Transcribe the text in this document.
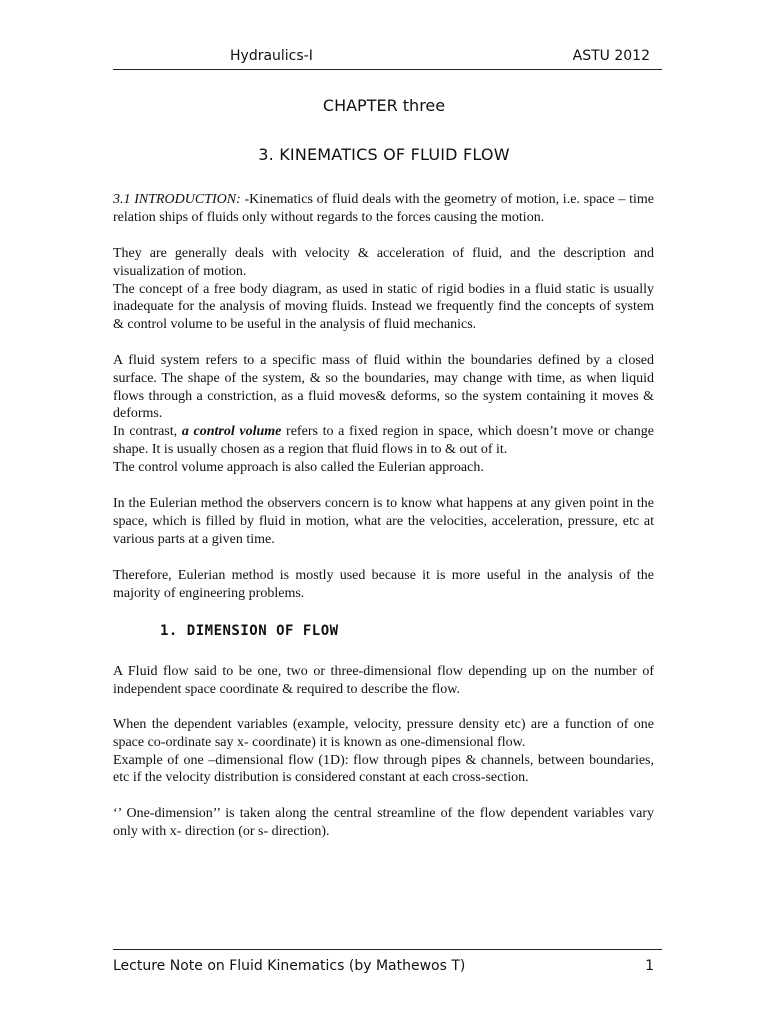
Hydraulics-I	ASTU 2012
CHAPTER three
3. KINEMATICS OF FLUID FLOW

3.1 INTRODUCTION: -Kinematics of fluid deals with the geometry of motion, i.e. space – time relation ships of fluids only without regards to the forces causing the motion.

They are generally deals with velocity & acceleration of fluid, and the description and visualization of motion.

The concept of a free body diagram, as used in static of rigid bodies in a fluid static is usually inadequate for the analysis of moving fluids. Instead we frequently find the concepts of system & control volume to be useful in the analysis of fluid mechanics.

A fluid system refers to a specific mass of fluid within the boundaries defined by a closed surface. The shape of the system, & so the boundaries, may change with time, as when liquid flows through a constriction, as a fluid moves& deforms, so the system containing it moves & deforms.

In contrast, a control volume refers to a fixed region in space, which doesn’t move or change shape. It is usually chosen as a region that fluid flows in to & out of it.

The control volume approach is also called the Eulerian approach.

In the Eulerian method the observers concern is to know what happens at any given point in the space, which is filled by fluid in motion, what are the velocities, acceleration, pressure, etc at various parts at a given time.
Therefore, Eulerian method is mostly used because it is more useful in the analysis of the majority of engineering problems.
1. DIMENSION OF FLOW
A Fluid flow said to be one, two or three-dimensional flow depending up on the number of independent space coordinate & required to describe the flow.

When the dependent variables (example, velocity, pressure density etc) are a function of one space co-ordinate say x- coordinate) it is known as one-dimensional flow.

Example of one –dimensional flow (1D): flow through pipes & channels, between boundaries, etc if the velocity distribution is considered constant at each cross-section.

‘’ One-dimension’’ is taken along the central streamline of the flow dependent variables vary only with x- direction (or s- direction).
Lecture Note on Fluid Kinematics (by Mathewos T)	1
